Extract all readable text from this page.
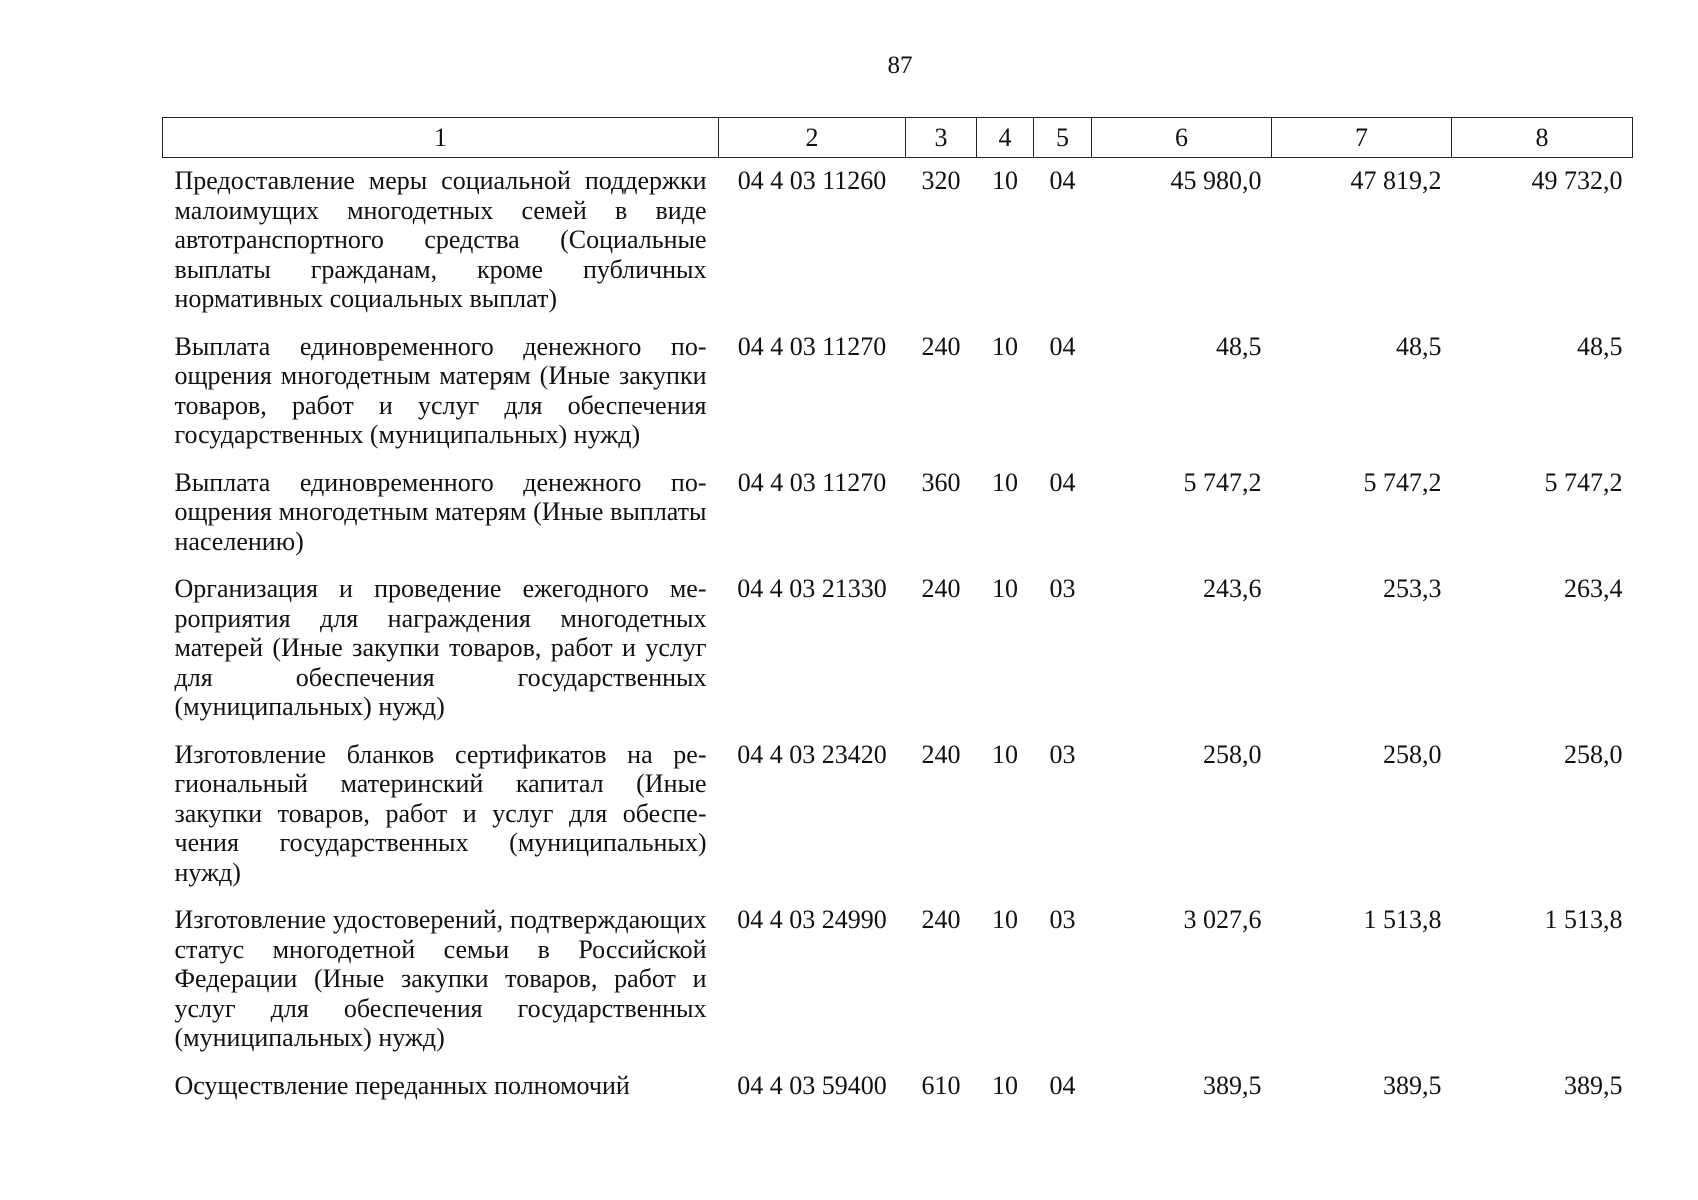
87
1	2	3	4	5	6	7	8
Предоставление меры социальной поддержки малоимущих многодетных семей в виде автотранспортного средства (Социальные выплаты гражданам, кроме публичных нормативных социальных выплат)	04 4 03 11260	320	10	04	45 980,0	47 819,2	49 732,0
Выплата единовременного денежного поощрения многодетным матерям (Иные закупки товаров, работ и услуг для обеспечения государственных (муниципальных) нужд)	04 4 03 11270	240	10	04	48,5	48,5	48,5
Выплата единовременного денежного поощрения многодетным матерям (Иные выплаты населению)	04 4 03 11270	360	10	04	5 747,2	5 747,2	5 747,2
Организация и проведение ежегодного мероприятия для награждения многодетных матерей (Иные закупки товаров, работ и услуг для обеспечения государственных (муниципальных) нужд)	04 4 03 21330	240	10	03	243,6	253,3	263,4
Изготовление бланков сертификатов на региональный материнский капитал (Иные закупки товаров, работ и услуг для обеспечения государственных (муниципальных) нужд)	04 4 03 23420	240	10	03	258,0	258,0	258,0
Изготовление удостоверений, подтверждающих статус многодетной семьи в Российской Федерации (Иные закупки товаров, работ и услуг для обеспечения государственных (муниципальных) нужд)	04 4 03 24990	240	10	03	3 027,6	1 513,8	1 513,8
Осуществление переданных полномочий	04 4 03 59400	610	10	04	389,5	389,5	389,5
